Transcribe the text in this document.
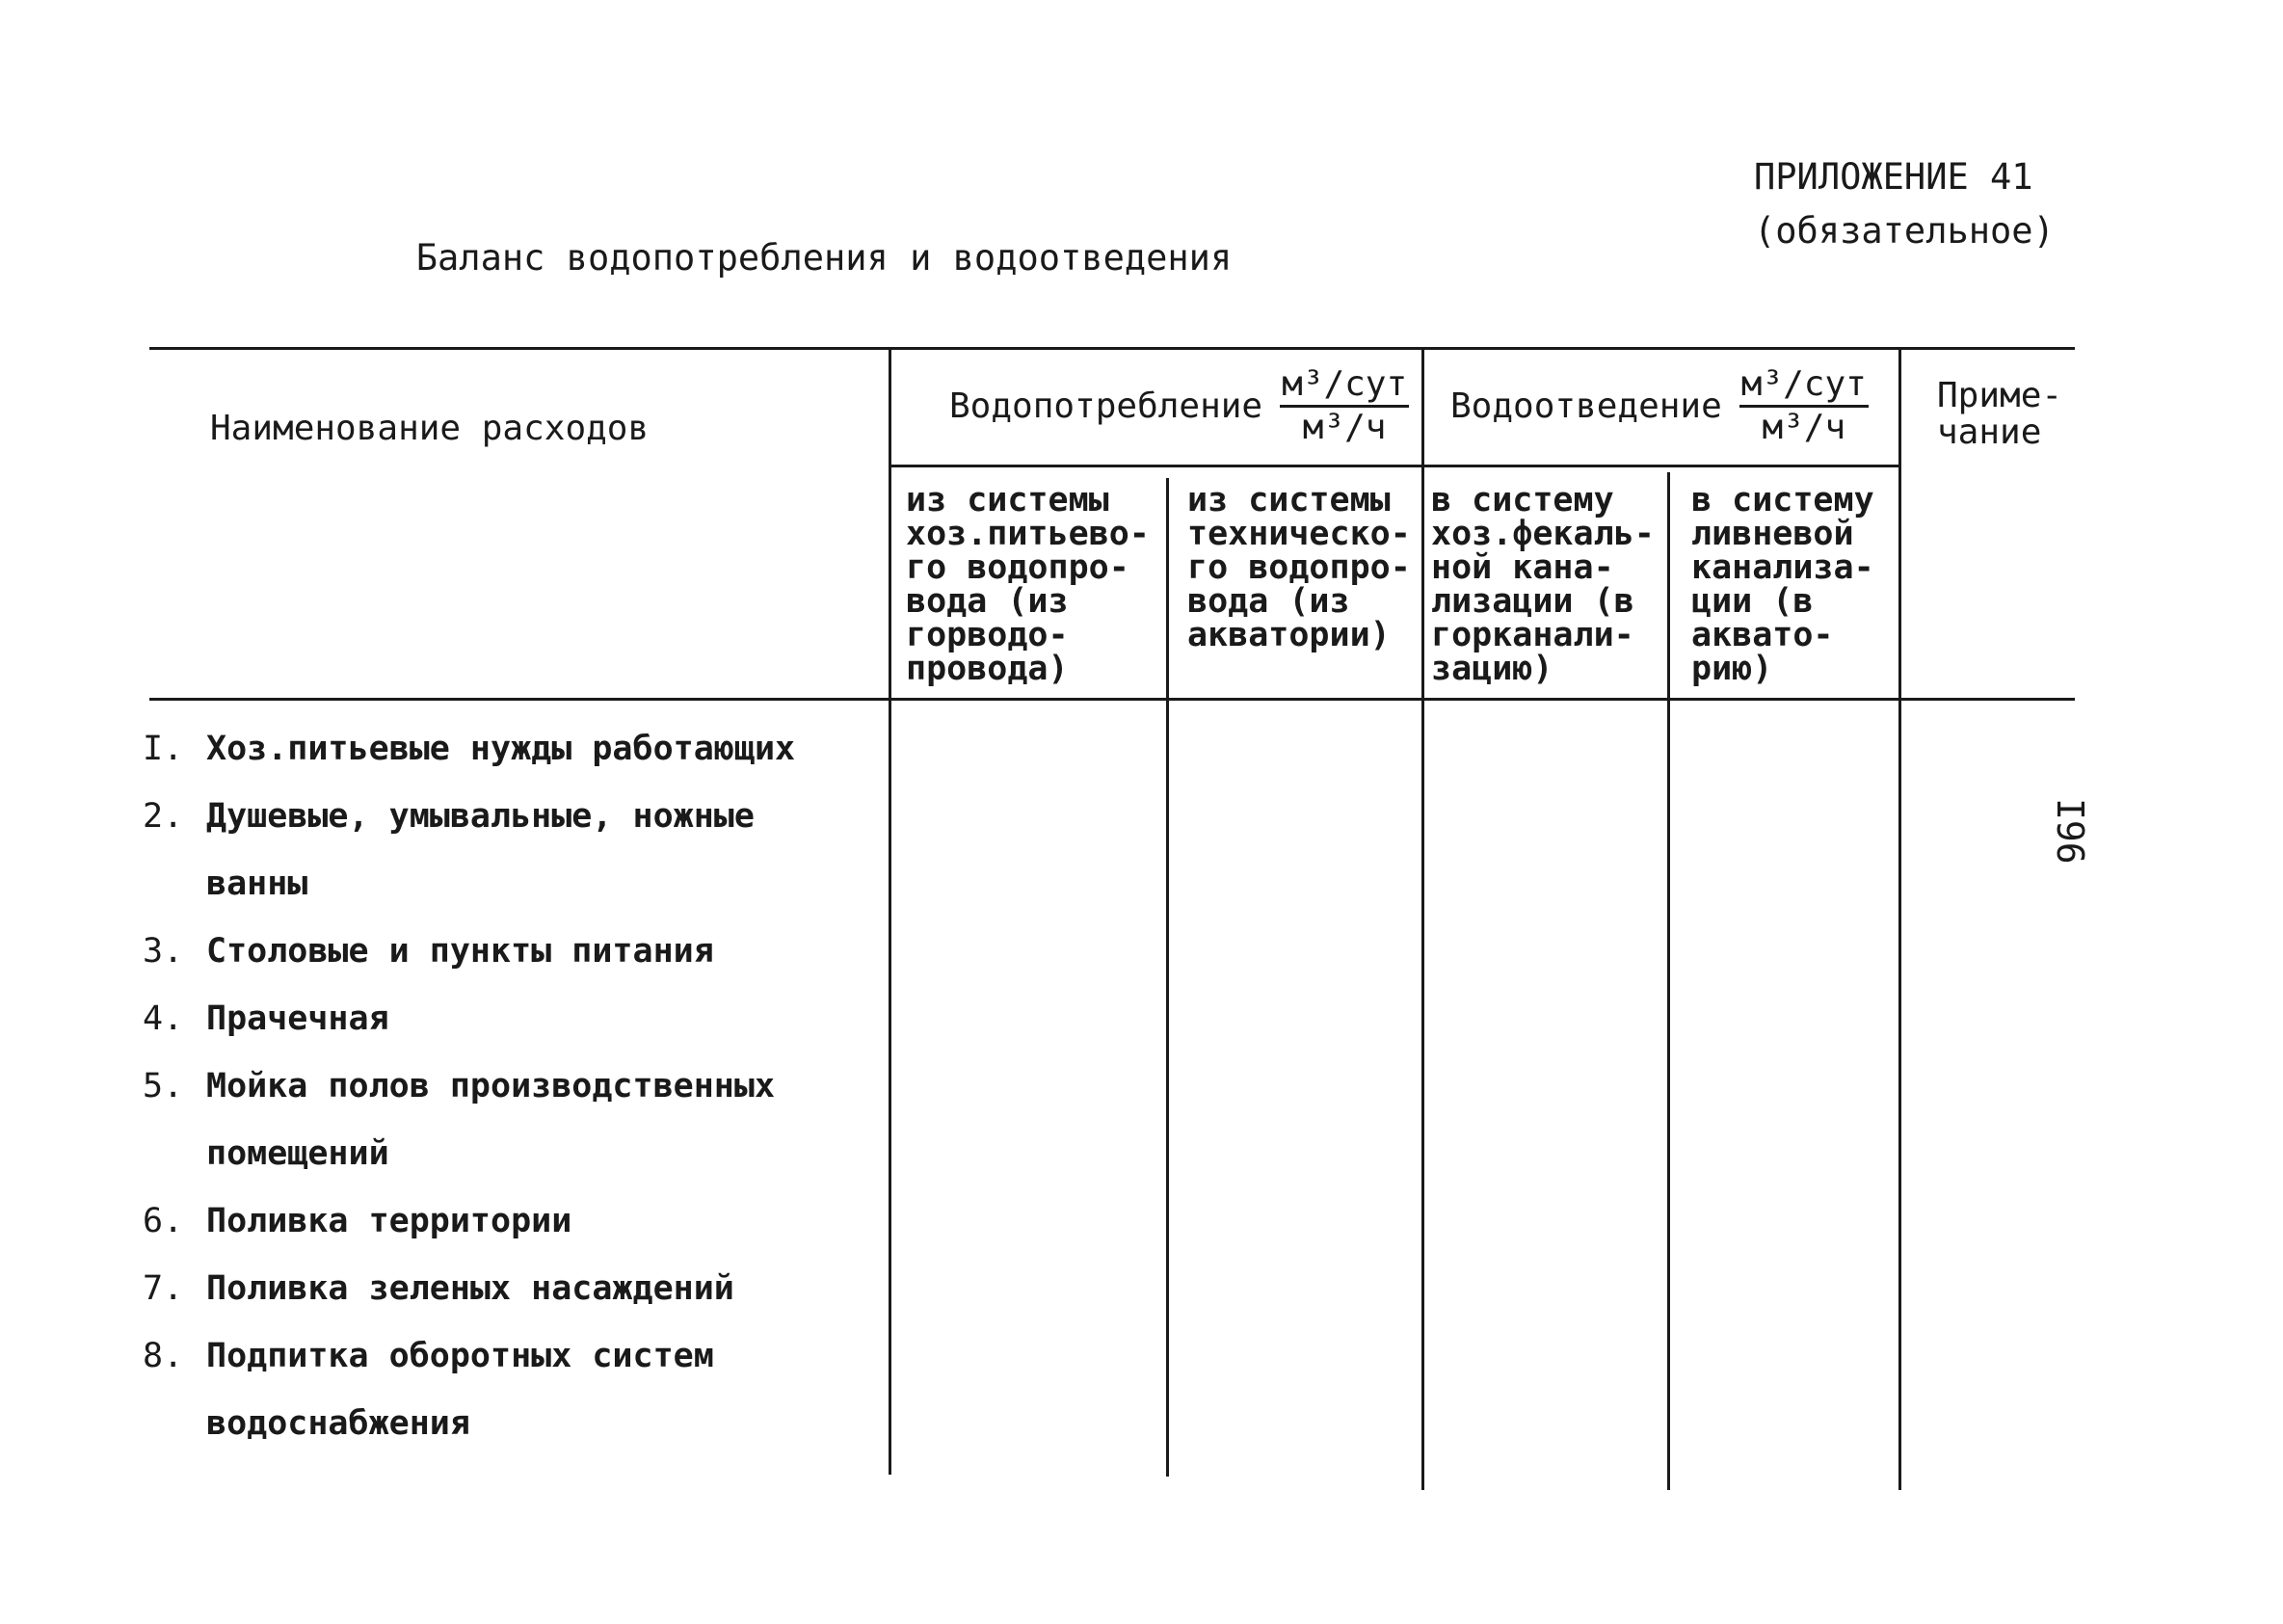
ПРИЛОЖЕНИЕ 41
(обязательное)
Баланс водопотребления и водоотведения
I96
Наименование расходов
Водопотребление $\frac{\text{м³/сут}}{\text{м³/ч}}$ Водоотведение $\frac{\text{м³/сут}}{\text{м³/ч}}$ Приме-
чание
из системы
хоз.питьево-
го водопро-
вода (из
горводо-
провода)
из системы
техническо-
го водопро-
вода (из
акватории)
в систему
хоз.фекаль-
ной кана-
лизации (в
горканали-
зацию)
в систему
ливневой
канализа-
ции (в
аквато-
рию)
I. Хоз.питьевые нужды работающих
2. Душевые, умывальные, ножные
ванны
3. Столовые и пункты питания
4. Прачечная
5. Мойка полов производственных
помещений
6. Поливка территории
7. Поливка зеленых насаждений
8. Подпитка оборотных систем
водоснабжения
